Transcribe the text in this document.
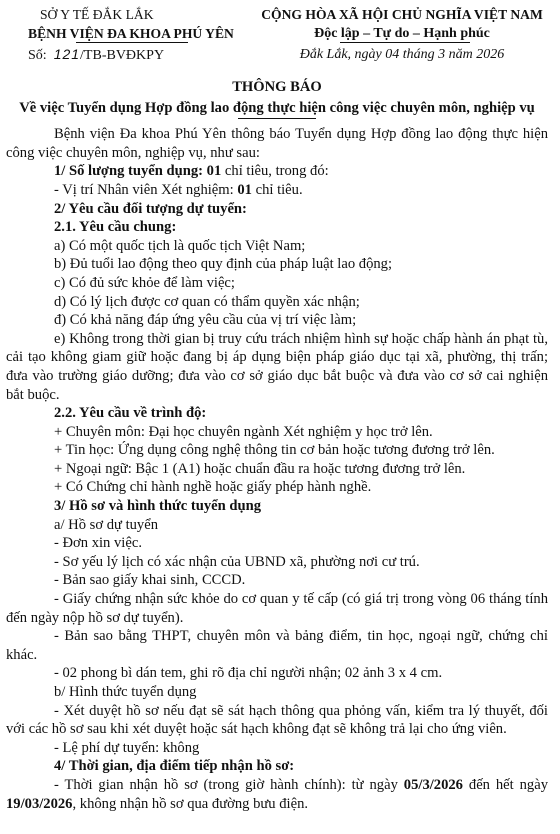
SỞ Y TẾ ĐẮK LẮK
BỆNH VIỆN ĐA KHOA PHÚ YÊN
Số: 121/TB-BVĐKPY
CỘNG HÒA XÃ HỘI CHỦ NGHĨA VIỆT NAM
Độc lập – Tự do – Hạnh phúc
Đắk Lắk, ngày 04 tháng 3 năm 2026
THÔNG BÁO
Về việc Tuyển dụng Hợp đồng lao động thực hiện công việc chuyên môn, nghiệp vụ

Bệnh viện Đa khoa Phú Yên thông báo Tuyển dụng Hợp đồng lao động thực hiện công việc chuyên môn, nghiệp vụ, như sau:

1/ Số lượng tuyển dụng: 01 chỉ tiêu, trong đó:

- Vị trí Nhân viên Xét nghiệm: 01 chỉ tiêu.

2/ Yêu cầu đối tượng dự tuyển:

2.1. Yêu cầu chung:

a) Có một quốc tịch là quốc tịch Việt Nam;

b) Đủ tuổi lao động theo quy định của pháp luật lao động;

c) Có đủ sức khỏe để làm việc;

d) Có lý lịch được cơ quan có thẩm quyền xác nhận;

đ) Có khả năng đáp ứng yêu cầu của vị trí việc làm;

e) Không trong thời gian bị truy cứu trách nhiệm hình sự hoặc chấp hành án phạt tù, cải tạo không giam giữ hoặc đang bị áp dụng biện pháp giáo dục tại xã, phường, thị trấn; đưa vào trường giáo dưỡng; đưa vào cơ sở giáo dục bắt buộc và đưa vào cơ sở cai nghiện bắt buộc.

2.2. Yêu cầu về trình độ:

+ Chuyên môn: Đại học chuyên ngành Xét nghiệm y học trở lên.

+ Tin học: Ứng dụng công nghệ thông tin cơ bản hoặc tương đương trở lên.

+ Ngoại ngữ: Bậc 1 (A1) hoặc chuẩn đầu ra hoặc tương đương trở lên.

+ Có Chứng chỉ hành nghề hoặc giấy phép hành nghề.

3/ Hồ sơ và hình thức tuyển dụng

a/ Hồ sơ dự tuyển

- Đơn xin việc.

- Sơ yếu lý lịch có xác nhận của UBND xã, phường nơi cư trú.

- Bản sao giấy khai sinh, CCCD.

- Giấy chứng nhận sức khỏe do cơ quan y tế cấp (có giá trị trong vòng 06 tháng tính đến ngày nộp hồ sơ dự tuyển).

- Bản sao bằng THPT, chuyên môn và bảng điểm, tin học, ngoại ngữ, chứng chỉ khác.

- 02 phong bì dán tem, ghi rõ địa chỉ người nhận; 02 ảnh 3 x 4 cm.

b/ Hình thức tuyển dụng

- Xét duyệt hồ sơ nếu đạt sẽ sát hạch thông qua phỏng vấn, kiểm tra lý thuyết, đối với các hồ sơ sau khi xét duyệt hoặc sát hạch không đạt sẽ không trả lại cho ứng viên.

- Lệ phí dự tuyển: không

4/ Thời gian, địa điểm tiếp nhận hồ sơ:

- Thời gian nhận hồ sơ (trong giờ hành chính): từ ngày 05/3/2026 đến hết ngày 19/03/2026, không nhận hồ sơ qua đường bưu điện.
